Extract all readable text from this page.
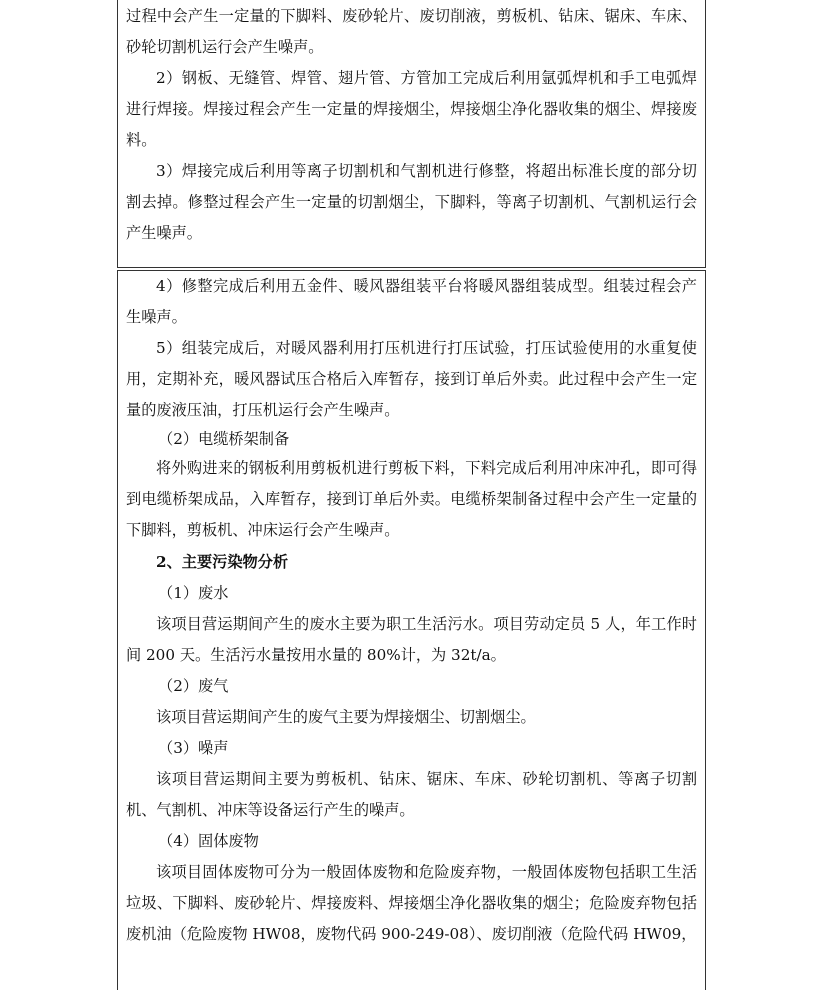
过程中会产生一定量的下脚料、废砂轮片、废切削液，剪板机、钻床、锯床、车床、砂轮切割机运行会产生噪声。

2）钢板、无缝管、焊管、翅片管、方管加工完成后利用氩弧焊机和手工电弧焊进行焊接。焊接过程会产生一定量的焊接烟尘，焊接烟尘净化器收集的烟尘、焊接废料。

3）焊接完成后利用等离子切割机和气割机进行修整，将超出标准长度的部分切割去掉。修整过程会产生一定量的切割烟尘，下脚料，等离子切割机、气割机运行会产生噪声。

4）修整完成后利用五金件、暖风器组装平台将暖风器组装成型。组装过程会产生噪声。

5）组装完成后，对暖风器利用打压机进行打压试验，打压试验使用的水重复使用，定期补充，暖风器试压合格后入库暂存，接到订单后外卖。此过程中会产生一定量的废液压油，打压机运行会产生噪声。

（2）电缆桥架制备

将外购进来的钢板利用剪板机进行剪板下料，下料完成后利用冲床冲孔，即可得到电缆桥架成品，入库暂存，接到订单后外卖。电缆桥架制备过程中会产生一定量的下脚料，剪板机、冲床运行会产生噪声。

2、主要污染物分析

（1）废水

该项目营运期间产生的废水主要为职工生活污水。项目劳动定员 5 人，年工作时间 200 天。生活污水量按用水量的 80%计，为 32t/a。

（2）废气

该项目营运期间产生的废气主要为焊接烟尘、切割烟尘。

（3）噪声

该项目营运期间主要为剪板机、钻床、锯床、车床、砂轮切割机、等离子切割机、气割机、冲床等设备运行产生的噪声。

（4）固体废物

该项目固体废物可分为一般固体废物和危险废弃物，一般固体废物包括职工生活垃圾、下脚料、废砂轮片、焊接废料、焊接烟尘净化器收集的烟尘；危险废弃物包括废机油（危险废物 HW08，废物代码 900-249-08）、废切削液（危险代码 HW09，
